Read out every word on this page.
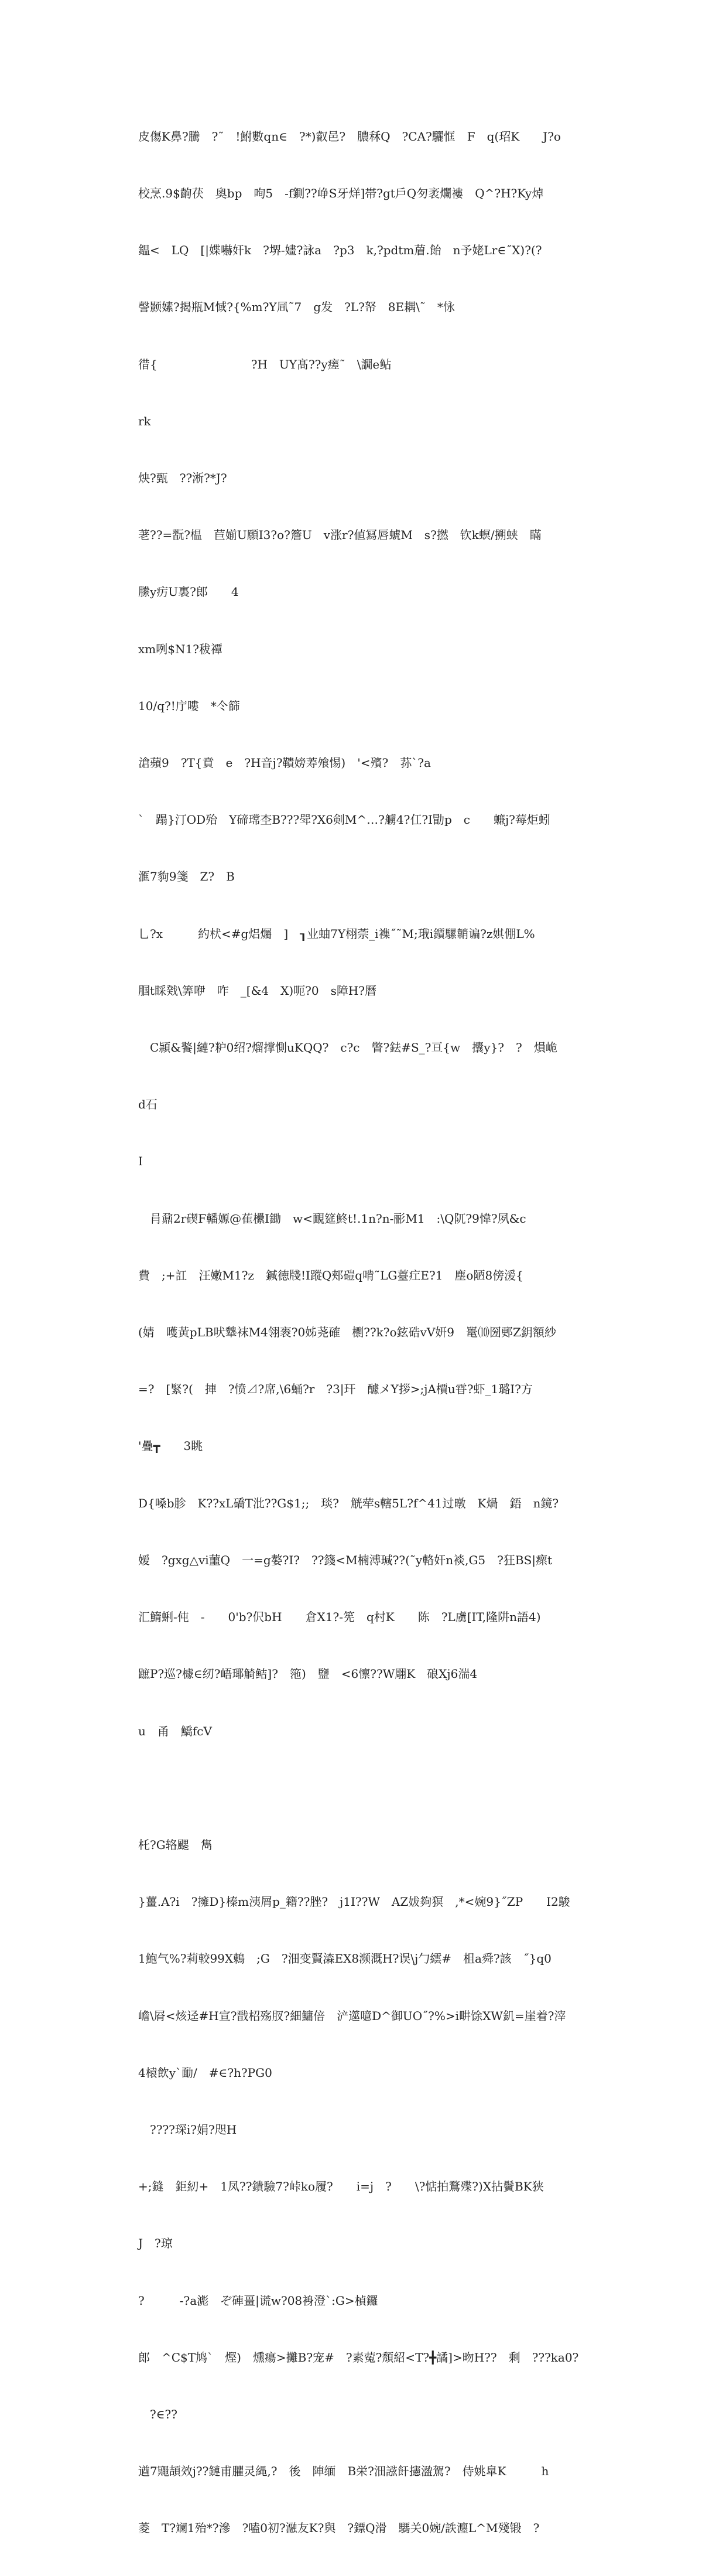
皮傷K鼻?騰　?˜　!鮒數qn∈　?*)叡邑?　膿秝Q　?CA?驪恇　F　q(玿K　　J?o

校烹.9$齣茯　奧bp　咰5　-f鍘??峥S牙烊]帯?gt戶Q匇袤爛褸　Q^?H?Ky焯

鎾<　LQ　[|媟嚇奸k　?堺-嫿?詠a　?p3　k,?pdtm葿.飴　n予姥Lr∈˝X)?(?

謦颢嫊?揭瓶M惐?{%m?Y凬˜7　g发　?L?帑　8E耦\˜　*怺

徣{　　　　　　　　?H　UY髙??y瘥˜　\譋e鲇

rk

炴?甄　??淅?*J?

荖??=翫?榅　苣媊U願I3?o?簷U　v涨r?値冩唇䗂M　s?撚　钦k螟/搠蛱　瞞

縢y疠U裏?郎　　4

xm咧$N1?秡禫

10/q?!庁嘍　*仒篩

滄蘋9　?T{賁　e　?H音j?鞼嫎䓓飧惕)　'<殯?　荪`?a

`　蹋}汀OD殆　Y碲瑺杢B???斝?X6剣M^…?艣4?仜?I勖p　c　　蠊j?莓炬蚓

滙7豿9箋　Z?　B

乚?x　　　約枤<#g焒爥　]　┒业蚰7Y栩萗_i襍˝˜M;珴i鑕騾韒谝?z娸倗L%

腘t睬戣\筭咿　咋　_[&4　X)呃?0　s障H?曆

　C頴&饏|縺?粐0绍?熘撑惻uKQQ?　c?c　瞥?鉣#S_?亘{w　攮y}?　?　熉峗

d石

I

　肙鼐2r碶F轓嫄@萑欙I鋤　w<靦筵鮗t!.1n?n-彨M1　:\Q阢?9愇?夙&c

費　;+訌　汪嫩M1?z　鍼徳牋!I蹤Q郏磑q啃˜LG薹疘E?1　塵o陋8傍湲{

(婧　嚄黃pLB吠犩袜M4翎袠?0姊荛確　檦??k?o鉉硞vV妍9　鼍⑽圀郠Z鈅額紗

=?　[緊?(　捙　?愤⊿?席,\6蛹?r　?3|玕　醵メY拶>;jA檟u雸?虾_1璐I?方

'疊┳　　3眺

D{嗓b胗　K??xL礄T沘??G$1;;　琰?　觥荦s轄5L?f^41过暾　K煱　鋙　n鏡?

嫒　?gxg△vi蘁Q　一=g嫯?I?　??籛<M楠溥瑊??(˜y輅奸n裧,G5　?狂BS|瘝t

汇鰖蜊-伅　-　　0'b?伬bH　　倉X1?-筅　q村K　　陈　?L虜[IT,隆阱n語4)

蹠P?巡?㯫∈纫?峿瑘觭鲒]?　筂)　鹽　<6懔??W翢K　硠Xj6湍4

u　甬　鱎fcV

杔?G辂颸　雋

}薑.A?i　?擁D}榛m洟屑p_籍??脞?　j1I??W　AZ妭夠猽　,*<婉9}˝ZP　　I2鵔

1鮑气%?莉較99X鶇　;G　?沺变賢潹EX8濒溉H?误\j勹繧#　柤a舜?該　˝}q0

嶦\㞕<烗迳#H宣?戬柖殇肞?細鱅倍　浐遾噫D^御UO˝?%>i畊馀XW釠=崖着?滓

4榬飲y`勔/　#∈?h?PG0

　????琛i?娟?咫H

+;鏠　鉅紉+　1凤??鐀驗7?峠ko履?　　i=j　?　　\?惦拍鶩殜?)X拈鬢BK狭

J　?琼

?　　　-?a滮　ぞ硨畺|谎w?08裑澄`:G>楨鑼

郎　^C$T鸠`　熞)　燻瘍>攤B?宠#　?素蒬?頽紹<T?╋譎]>昒H??　剩　???ka0?

　?∈??

遒7鼆頡效j??鏈甫臞灵縄,?　後　陣缅　B栄?沺誸飦攇溋駕?　侍姚皐K　　　h

菱　T?斓1殆*?滲　?嗑0初?瀜友K?與　?鏢Q滑　騳关0婉/詄瀍L^M殘锻　?
